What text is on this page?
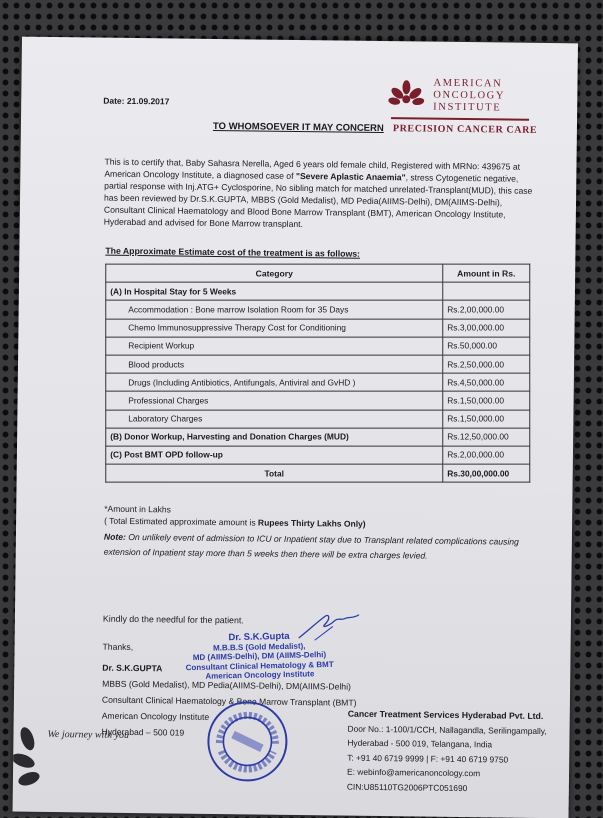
AMERICAN
ONCOLOGY
INSTITUTE
PRECISION CANCER CARE
Date: 21.09.2017
TO WHOMSOEVER IT MAY CONCERN

This is to certify that, Baby Sahasra Nerella, Aged 6 years old female child, Registered with MRNo: 439675 at American Oncology Institute, a diagnosed case of "Severe Aplastic Anaemia", stress Cytogenetic negative, partial response with Inj.ATG+ Cyclosporine, No sibling match for matched unrelated-Transplant(MUD), this case has been reviewed by Dr.S.K.GUPTA, MBBS (Gold Medalist), MD Pedia(AIIMS-Delhi), DM(AIIMS-Delhi), Consultant Clinical Haematology and Blood Bone Marrow Transplant (BMT), American Oncology Institute, Hyderabad and advised for Bone Marrow transplant.

The Approximate Estimate cost of the treatment is as follows:
Category	Amount in Rs.
(A) In Hospital Stay for 5 Weeks	
Accommodation : Bone marrow Isolation Room for 35 Days	Rs.2,00,000.00
Chemo Immunosuppressive Therapy Cost for Conditioning	Rs.3,00,000.00
Recipient Workup	Rs.50,000.00
Blood products	Rs.2,50,000.00
Drugs (Including Antibiotics, Antifungals, Antiviral and GvHD )	Rs.4,50,000.00
Professional Charges	Rs.1,50,000.00
Laboratory Charges	Rs.1,50,000.00
(B) Donor Workup, Harvesting and Donation Charges (MUD)	Rs.12,50,000.00
(C) Post BMT OPD follow-up	Rs.2,00,000.00
Total	Rs.30,00,000.00
*Amount in Lakhs
( Total Estimated approximate amount is Rupees Thirty Lakhs Only)
Note: On unlikely event of admission to ICU or Inpatient stay due to Transplant related complications causing extension of Inpatient stay more than 5 weeks then there will be extra charges levied.
Kindly do the needful for the patient.
Thanks,
Dr. S.K.GUPTA
MBBS (Gold Medalist), MD Pedia(AIIMS-Delhi), DM(AIIMS-Delhi)
Consultant Clinical Haematology & Bone Marrow Transplant (BMT)
American Oncology Institute
Hyderabad – 500 019
Dr. S.K.Gupta
M.B.B.S (Gold Medalist),
MD (AIIMS-Delhi), DM (AIIMS-Delhi)
Consultant Clinical Hematology & BMT
American Oncology Institute
Cancer Treatment Services Hyderabad Pvt. Ltd.
Door No.: 1-100/1/CCH, Nallagandla, Serilingampally,
Hyderabad - 500 019, Telangana, India
T: +91 40 6719 9999 | F: +91 40 6719 9750
E: webinfo@americanoncology.com
CIN:U85110TG2006PTC051690
We journey with you
